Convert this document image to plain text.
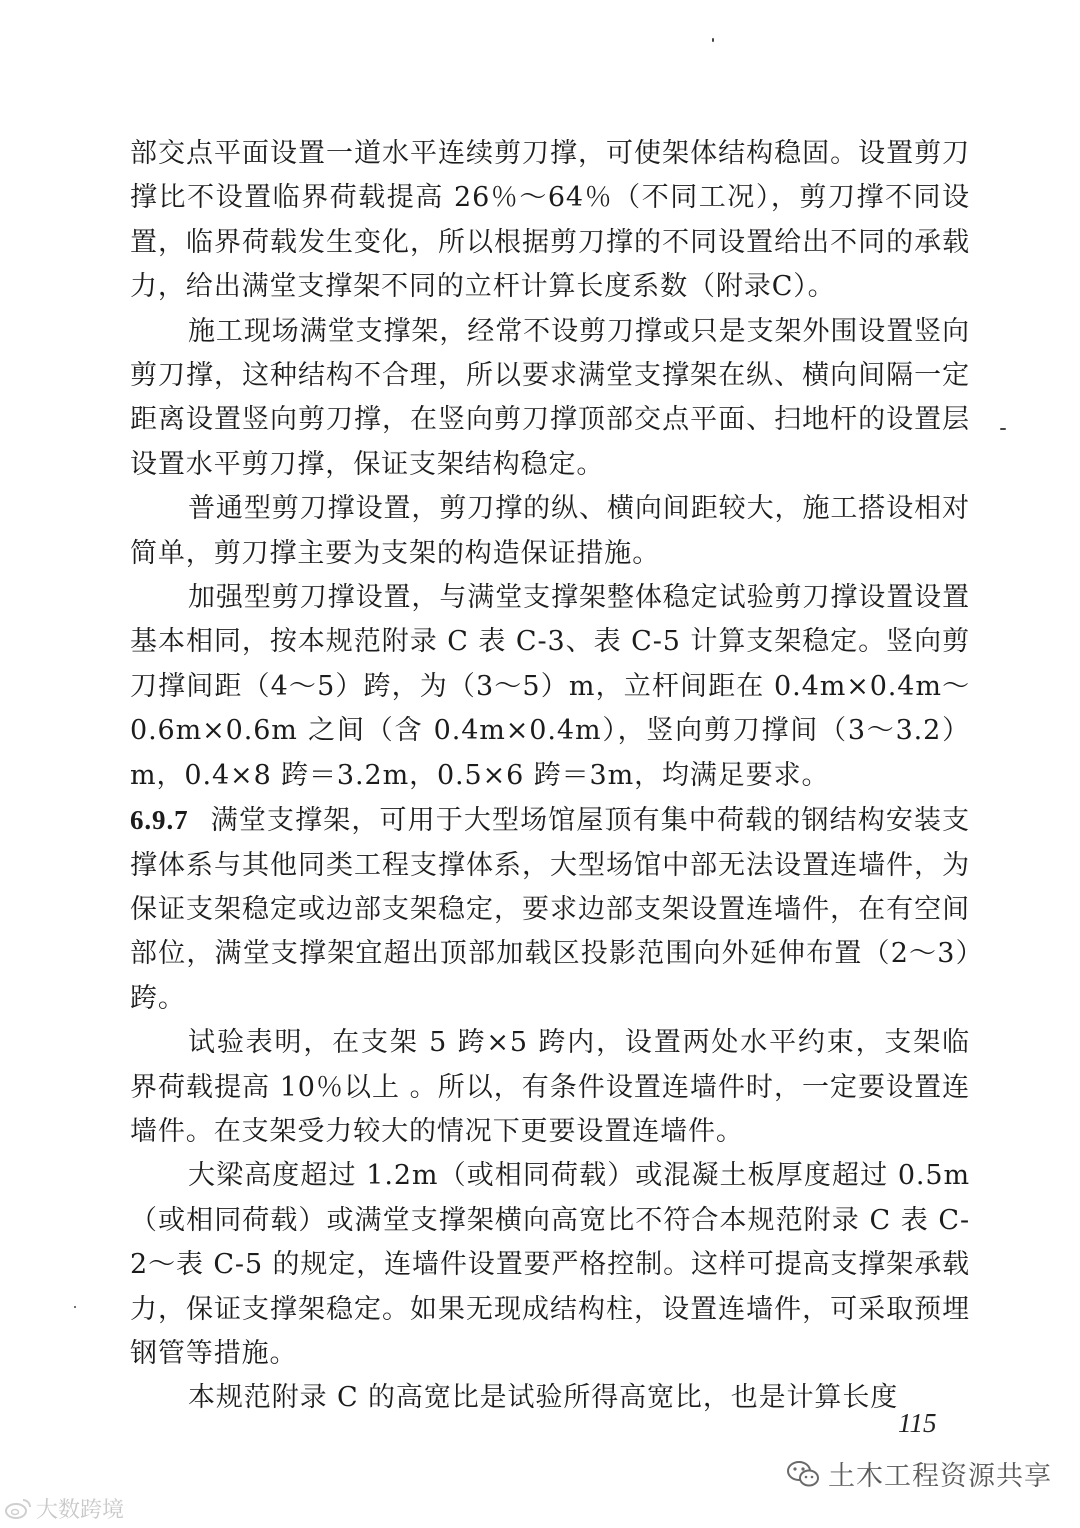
部交点平面设置一道水平连续剪刀撑，可使架体结构稳固。设置剪刀撑比不设置临界荷载提高 26％～64％（不同工况），剪刀撑不同设置，临界荷载发生变化，所以根据剪刀撑的不同设置给出不同的承载力，给出满堂支撑架不同的立杆计算长度系数（附录C）。

施工现场满堂支撑架，经常不设剪刀撑或只是支架外围设置竖向剪刀撑，这种结构不合理，所以要求满堂支撑架在纵、横向间隔一定距离设置竖向剪刀撑，在竖向剪刀撑顶部交点平面、扫地杆的设置层设置水平剪刀撑，保证支架结构稳定。

普通型剪刀撑设置，剪刀撑的纵、横向间距较大，施工搭设相对简单，剪刀撑主要为支架的构造保证措施。

加强型剪刀撑设置，与满堂支撑架整体稳定试验剪刀撑设置设置基本相同，按本规范附录 C 表 C-3、表 C-5 计算支架稳定。竖向剪刀撑间距（4～5）跨，为（3～5）m，立杆间距在 0.4m×0.4m～0.6m×0.6m 之间（含 0.4m×0.4m），竖向剪刀撑间（3～3.2）m，0.4×8 跨＝3.2m，0.5×6 跨＝3m，均满足要求。

6.9.7 满堂支撑架，可用于大型场馆屋顶有集中荷载的钢结构安装支撑体系与其他同类工程支撑体系，大型场馆中部无法设置连墙件，为保证支架稳定或边部支架稳定，要求边部支架设置连墙件，在有空间部位，满堂支撑架宜超出顶部加载区投影范围向外延伸布置（2～3）跨。

试验表明，在支架 5 跨×5 跨内，设置两处水平约束，支架临界荷载提高 10％以上 。所以，有条件设置连墙件时，一定要设置连墙件。在支架受力较大的情况下更要设置连墙件。

大梁高度超过 1.2m（或相同荷载）或混凝土板厚度超过 0.5m（或相同荷载）或满堂支撑架横向高宽比不符合本规范附录 C 表 C-2～表 C-5 的规定，连墙件设置要严格控制。这样可提高支撑架承载力，保证支撑架稳定。如果无现成结构柱，设置连墙件，可采取预埋钢管等措施。

本规范附录 C 的高宽比是试验所得高宽比，也是计算长度

115
土木工程资源共享
大数跨境
